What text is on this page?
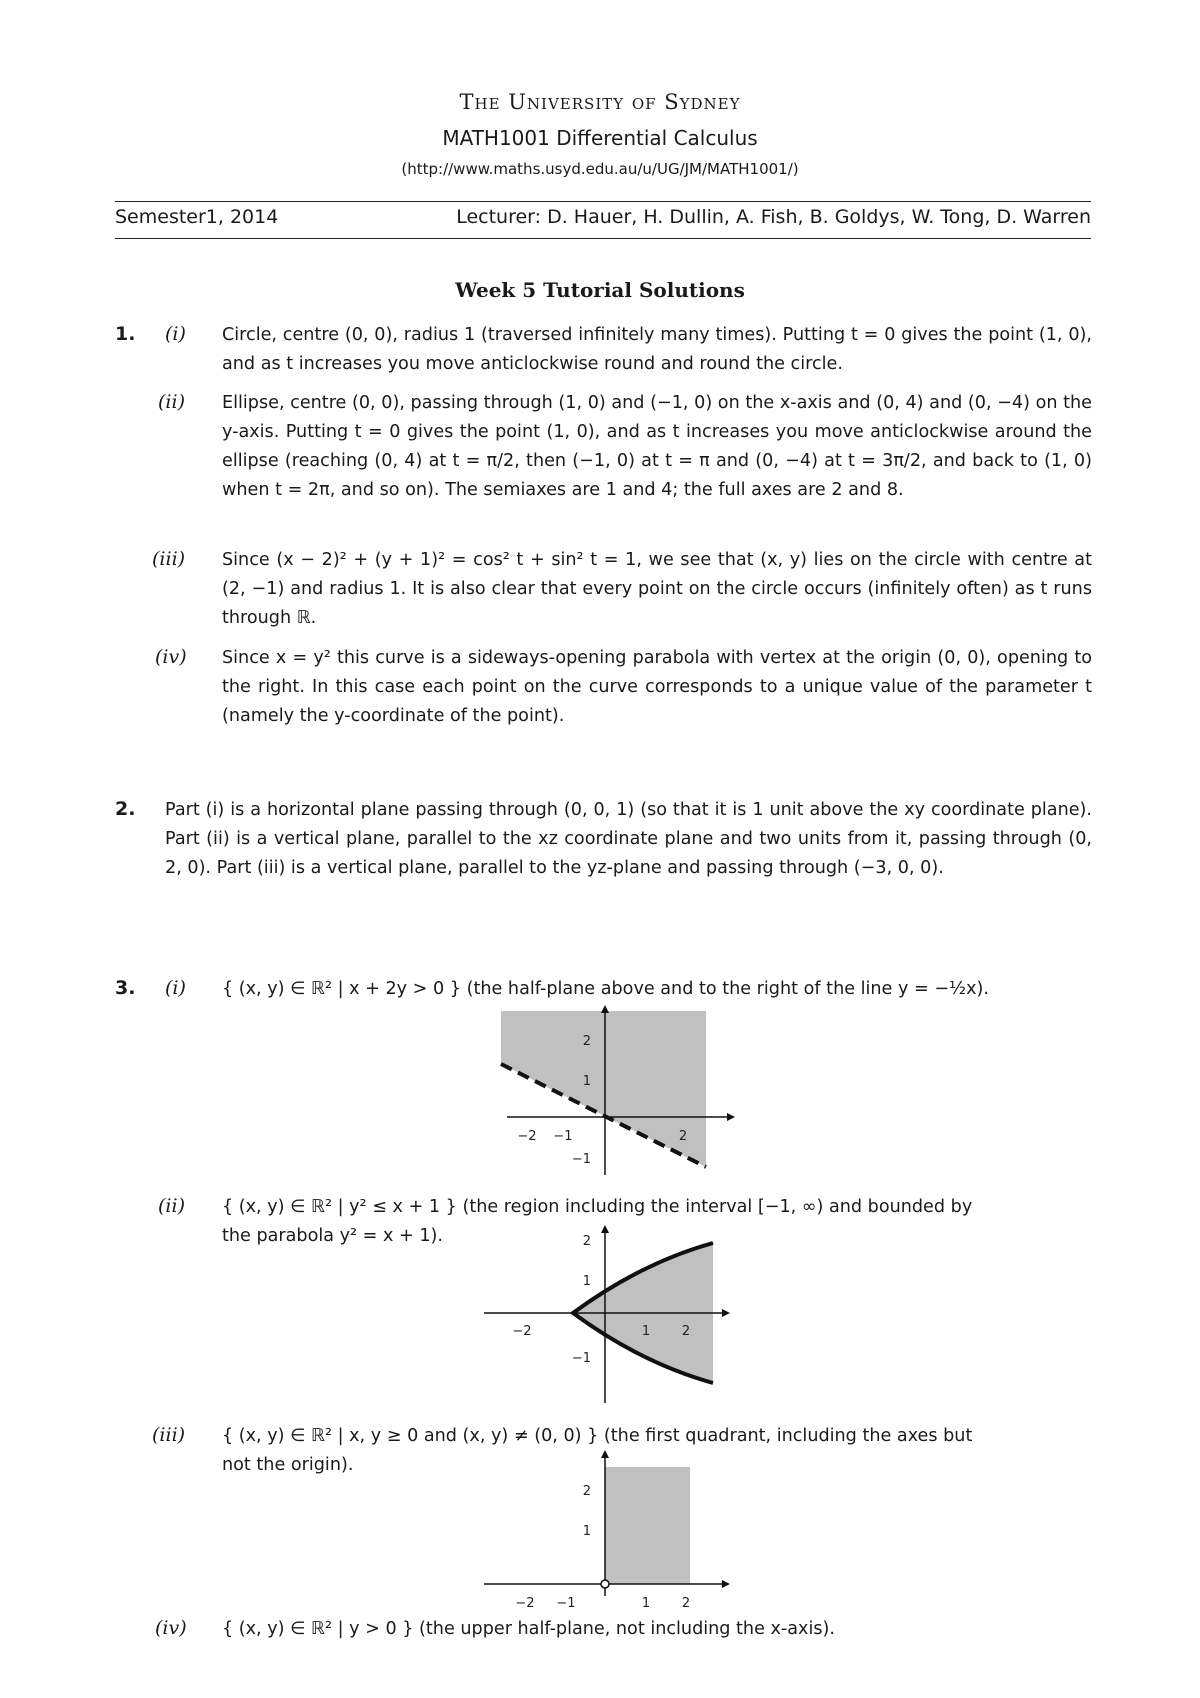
The University of Sydney
MATH1001 Differential Calculus
(http://www.maths.usyd.edu.au/u/UG/JM/MATH1001/)
Semester1, 2014	Lecturer: D. Hauer, H. Dullin, A. Fish, B. Goldys, W. Tong, D. Warren
Week 5 Tutorial Solutions
1. (i) Circle, centre (0, 0), radius 1 (traversed infinitely many times). Putting t = 0 gives the point (1, 0), and as t increases you move anticlockwise round and round the circle.
(ii) Ellipse, centre (0, 0), passing through (1, 0) and (−1, 0) on the x-axis and (0, 4) and (0, −4) on the y-axis. Putting t = 0 gives the point (1, 0), and as t increases you move anticlockwise around the ellipse (reaching (0, 4) at t = π/2, then (−1, 0) at t = π and (0, −4) at t = 3π/2, and back to (1, 0) when t = 2π, and so on). The semiaxes are 1 and 4; the full axes are 2 and 8.
(iii) Since (x − 2)² + (y + 1)² = cos² t + sin² t = 1, we see that (x, y) lies on the circle with centre at (2, −1) and radius 1. It is also clear that every point on the circle occurs (infinitely often) as t runs through ℝ.
(iv) Since x = y² this curve is a sideways-opening parabola with vertex at the origin (0, 0), opening to the right. In this case each point on the curve corresponds to a unique value of the parameter t (namely the y-coordinate of the point).
2. Part (i) is a horizontal plane passing through (0, 0, 1) (so that it is 1 unit above the xy coordinate plane). Part (ii) is a vertical plane, parallel to the xz coordinate plane and two units from it, passing through (0, 2, 0). Part (iii) is a vertical plane, parallel to the yz-plane and passing through (−3, 0, 0).
3. (i) { (x, y) ∈ ℝ² | x + 2y > 0 } (the half-plane above and to the right of the line y = −½x).
−2 −1	2
2
1
−1
(ii) { (x, y) ∈ ℝ² | y² ≤ x + 1 } (the region including the interval [−1, ∞) and bounded by
the parabola y² = x + 1).
−2	1 2
2
1
−1
(iii) { (x, y) ∈ ℝ² | x, y ≥ 0 and (x, y) ≠ (0, 0) } (the first quadrant, including the axes but
not the origin).
−2 −1	1 2
2
1
(iv) { (x, y) ∈ ℝ² | y > 0 } (the upper half-plane, not including the x-axis).
